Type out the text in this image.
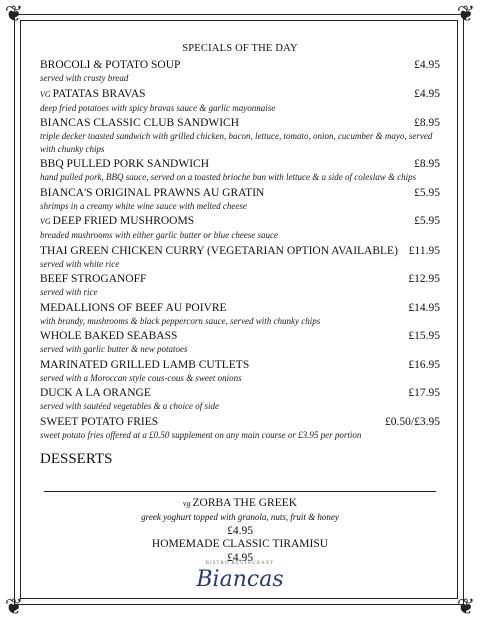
❦	❦
❦	❦
SPECIALS OF THE DAY
BROCOLI & POTATO SOUP	£4.95
served with crusty bread
VG PATATAS BRAVAS	£4.95
deep fried potatoes with spicy bravas sauce & garlic mayonnaise
BIANCAS CLASSIC CLUB SANDWICH	£8.95
triple decker toasted sandwich with grilled chicken, bacon, lettuce, tomato, onion, cucumber & mayo, served with chunky chips
BBQ PULLED PORK SANDWICH	£8.95
hand pulled pork, BBQ sauce, served on a toasted brioche bun with lettuce & a side of coleslaw & chips
BIANCA'S ORIGINAL PRAWNS AU GRATIN	£5.95
shrimps in a creamy white wine sauce with melted cheese
VG DEEP FRIED MUSHROOMS	£5.95
breaded mushrooms with either garlic butter or blue cheese sauce
THAI GREEN CHICKEN CURRY (VEGETARIAN OPTION AVAILABLE) £11.95
served with white rice
BEEF STROGANOFF	£12.95
served with rice
MEDALLIONS OF BEEF AU POIVRE	£14.95
with brandy, mushrooms & black peppercorn sauce, served with chunky chips
WHOLE BAKED SEABASS	£15.95
served with garlic butter & new potatoes
MARINATED GRILLED LAMB CUTLETS	£16.95
served with a Moroccan style cous-cous & sweet onions
DUCK A LA ORANGE	£17.95
served with sautéed vegetables & a choice of side
SWEET POTATO FRIES	£0.50/£3.95
sweet potato fries offered at a £0.50 supplement on any main course or £3.95 per portion
DESSERTS
vg ZORBA THE GREEK
greek yoghurt topped with granola, nuts, fruit & honey
£4.95
HOMEMADE CLASSIC TIRAMISU
£4.95
BISTRO RESTAURANT
Biancas
